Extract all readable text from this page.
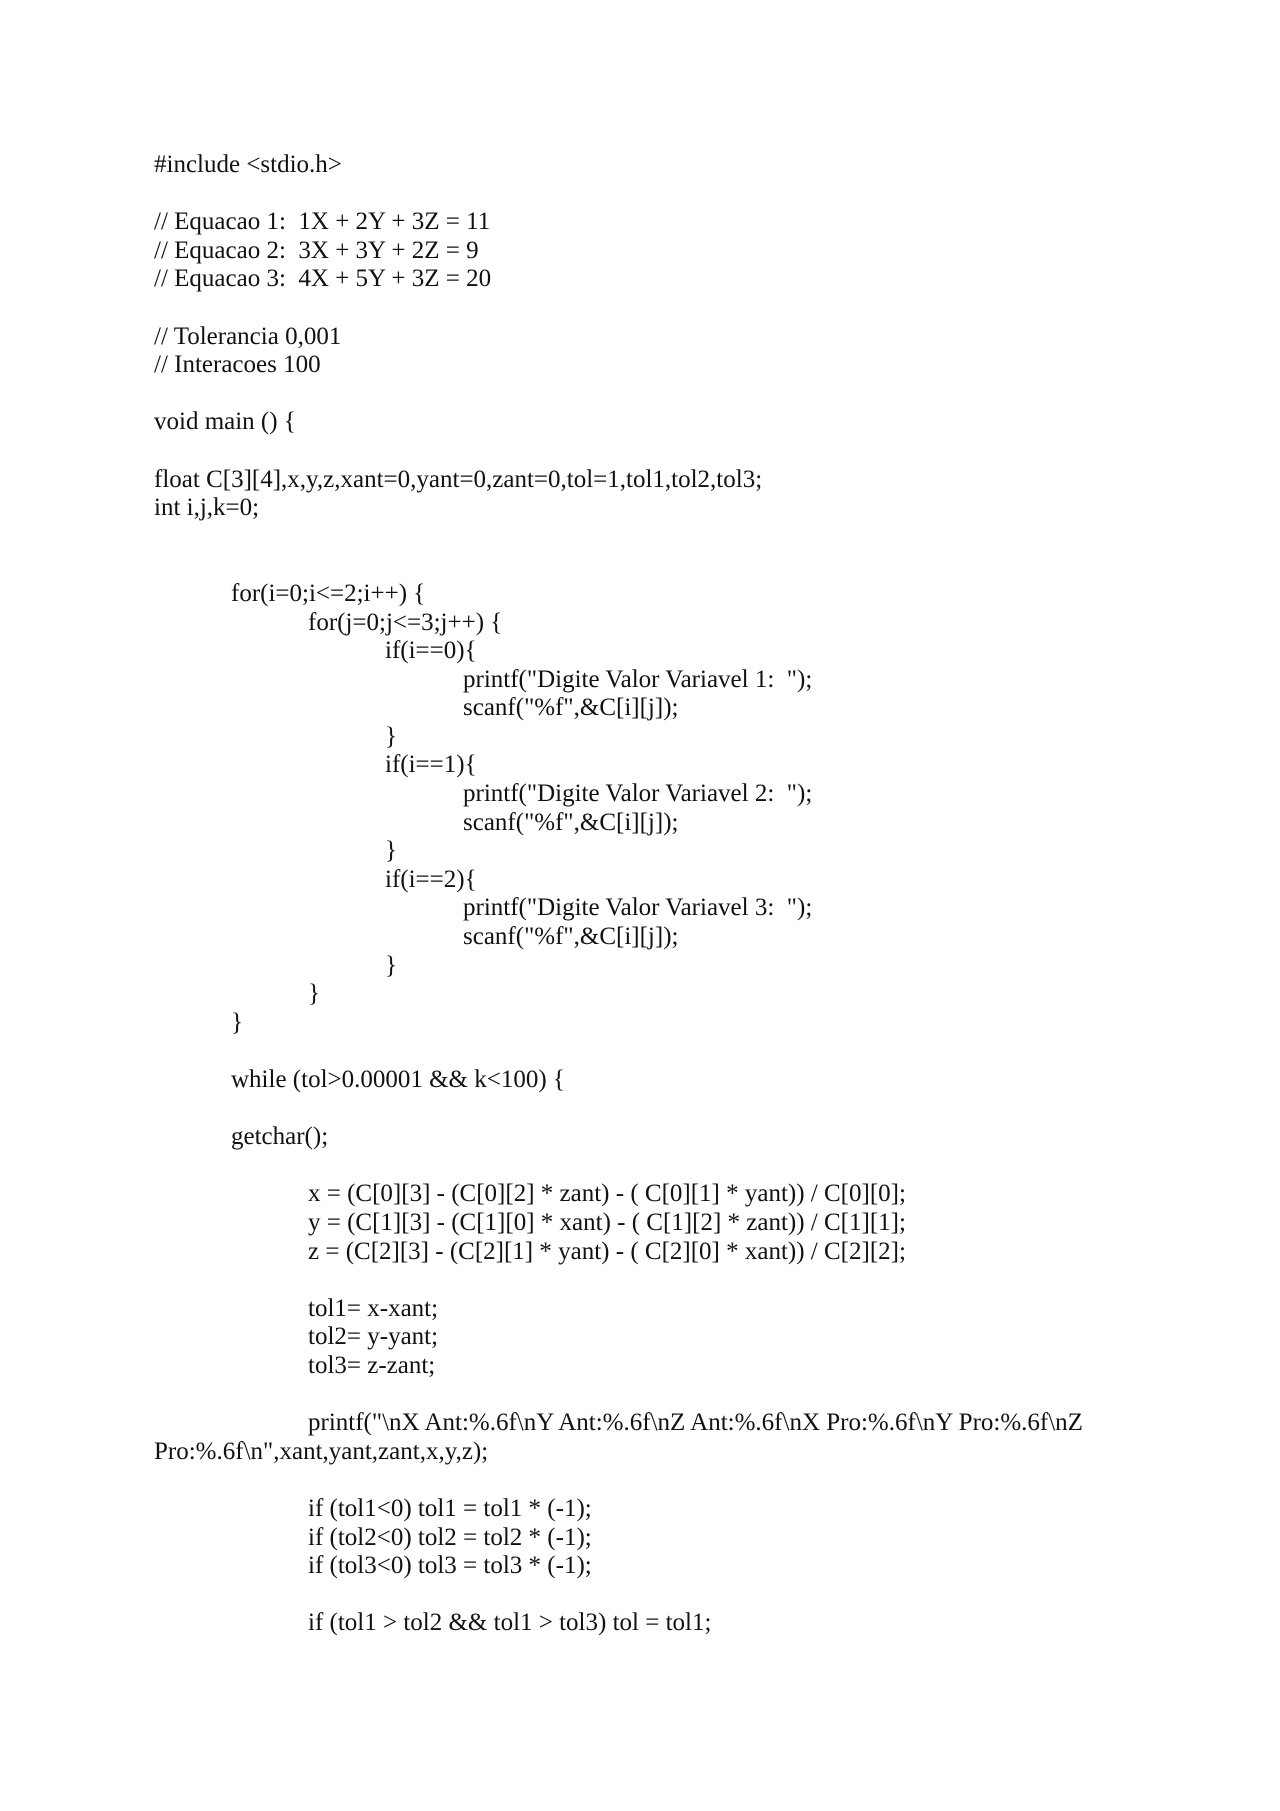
#include <stdio.h>
// Equacao 1:  1X + 2Y + 3Z = 11
// Equacao 2:  3X + 3Y + 2Z = 9
// Equacao 3:  4X + 5Y + 3Z = 20
// Tolerancia 0,001
// Interacoes 100
void main () {
float C[3][4],x,y,z,xant=0,yant=0,zant=0,tol=1,tol1,tol2,tol3;
int i,j,k=0;
for(i=0;i<=2;i++) {
for(j=0;j<=3;j++) {
if(i==0){
printf("Digite Valor Variavel 1:  ");
scanf("%f",&C[i][j]);
}
if(i==1){
printf("Digite Valor Variavel 2:  ");
scanf("%f",&C[i][j]);
}
if(i==2){
printf("Digite Valor Variavel 3:  ");
scanf("%f",&C[i][j]);
}
}
}
while (tol>0.00001 && k<100) {
getchar();
x = (C[0][3] - (C[0][2] * zant) - ( C[0][1] * yant)) / C[0][0];
y = (C[1][3] - (C[1][0] * xant) - ( C[1][2] * zant)) / C[1][1];
z = (C[2][3] - (C[2][1] * yant) - ( C[2][0] * xant)) / C[2][2];
tol1= x-xant;
tol2= y-yant;
tol3= z-zant;
printf("\nX Ant:%.6f\nY Ant:%.6f\nZ Ant:%.6f\nX Pro:%.6f\nY Pro:%.6f\nZ Pro:%.6f\n",xant,yant,zant,x,y,z);
if (tol1<0) tol1 = tol1 * (-1);
if (tol2<0) tol2 = tol2 * (-1);
if (tol3<0) tol3 = tol3 * (-1);
if (tol1 > tol2 && tol1 > tol3) tol = tol1;
